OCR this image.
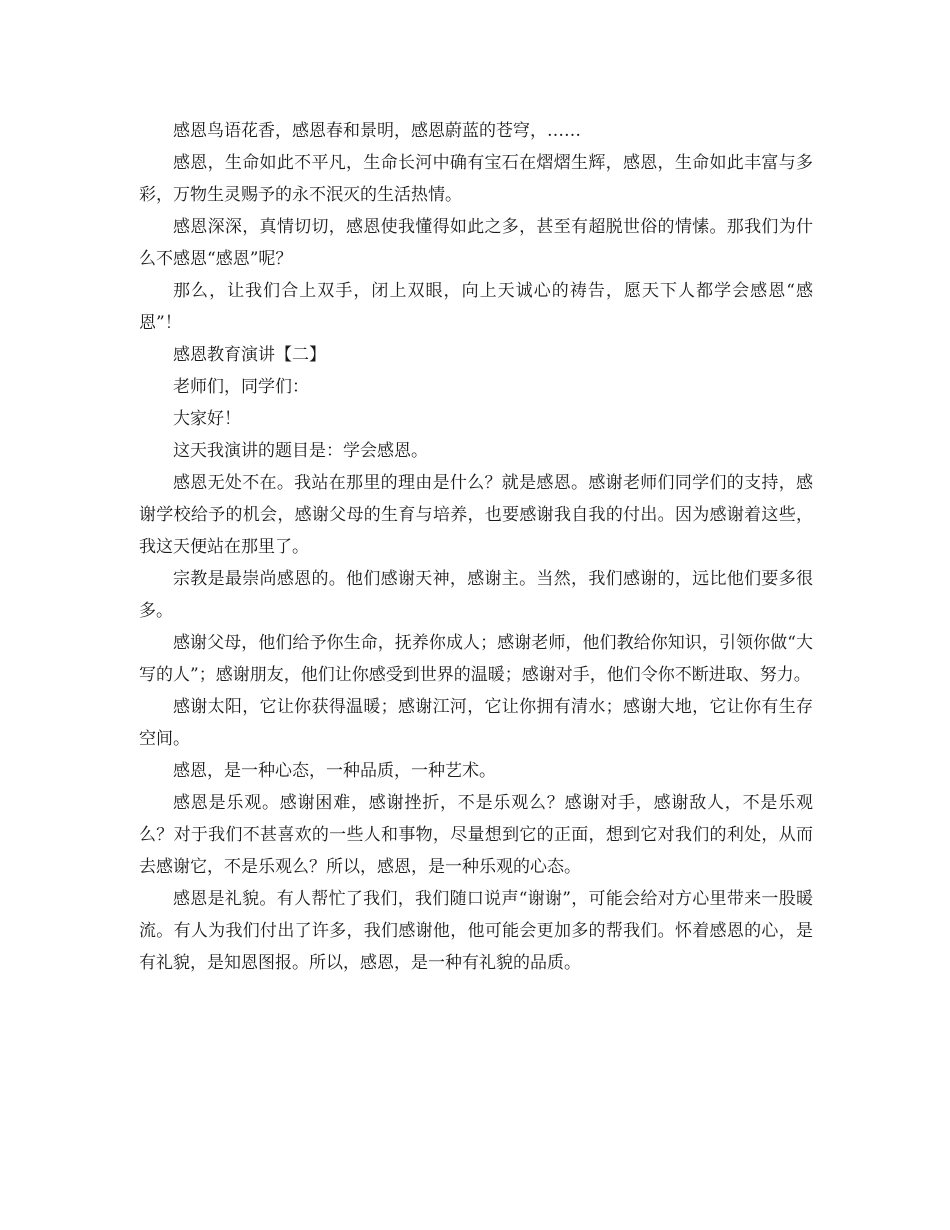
感恩鸟语花香，感恩春和景明，感恩蔚蓝的苍穹，……

感恩，生命如此不平凡，生命长河中确有宝石在熠熠生辉，感恩，生命如此丰富与多彩，万物生灵赐予的永不泯灭的生活热情。

感恩深深，真情切切，感恩使我懂得如此之多，甚至有超脱世俗的情愫。那我们为什么不感恩“感恩”呢？

那么，让我们合上双手，闭上双眼，向上天诚心的祷告，愿天下人都学会感恩“感恩”！

感恩教育演讲【二】

老师们，同学们：

大家好！

这天我演讲的题目是：学会感恩。

感恩无处不在。我站在那里的理由是什么？就是感恩。感谢老师们同学们的支持，感谢学校给予的机会，感谢父母的生育与培养，也要感谢我自我的付出。因为感谢着这些，我这天便站在那里了。

宗教是最崇尚感恩的。他们感谢天神，感谢主。当然，我们感谢的，远比他们要多很多。

感谢父母，他们给予你生命，抚养你成人；感谢老师，他们教给你知识，引领你做“大写的人”；感谢朋友，他们让你感受到世界的温暖；感谢对手，他们令你不断进取、努力。

感谢太阳，它让你获得温暖；感谢江河，它让你拥有清水；感谢大地，它让你有生存空间。

感恩，是一种心态，一种品质，一种艺术。

感恩是乐观。感谢困难，感谢挫折，不是乐观么？感谢对手，感谢敌人，不是乐观么？对于我们不甚喜欢的一些人和事物，尽量想到它的正面，想到它对我们的利处，从而去感谢它，不是乐观么？所以，感恩，是一种乐观的心态。

感恩是礼貌。有人帮忙了我们，我们随口说声“谢谢”，可能会给对方心里带来一股暖流。有人为我们付出了许多，我们感谢他，他可能会更加多的帮我们。怀着感恩的心，是有礼貌，是知恩图报。所以，感恩，是一种有礼貌的品质。
